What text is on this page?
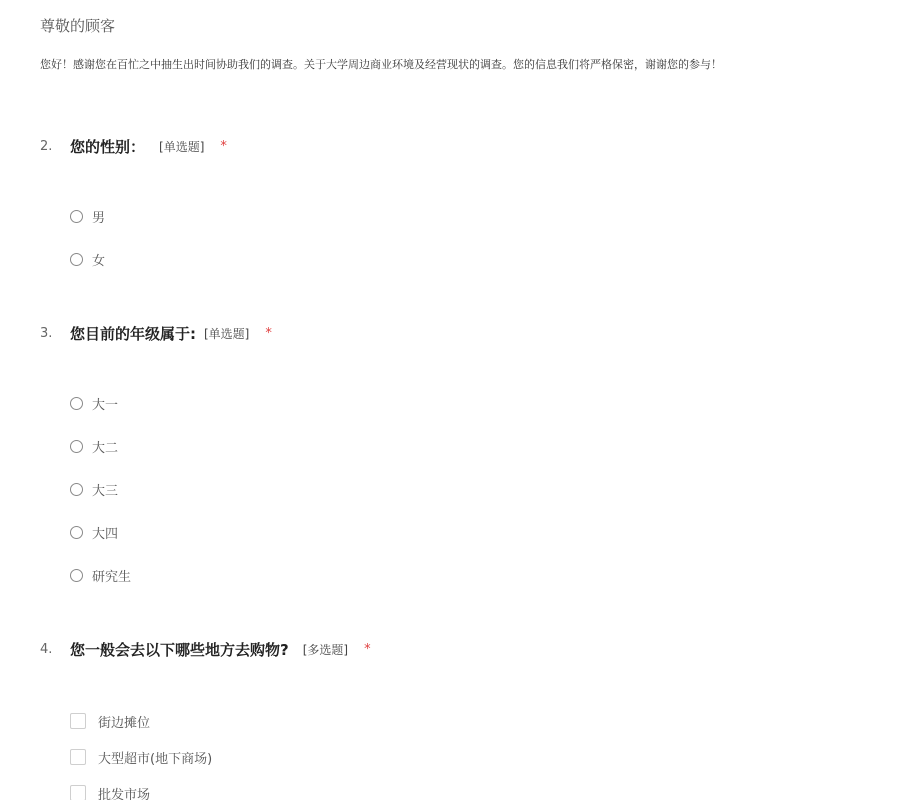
尊敬的顾客
您好！感谢您在百忙之中抽生出时间协助我们的调查。关于大学周边商业环境及经营现状的调查。您的信息我们将严格保密，谢谢您的参与！
2.	您的性别： [单选题] *
男
女
3.	您目前的年级属于: [单选题] *
大一
大二
大三
大四
研究生
4.	您一般会去以下哪些地方去购物? [多选题] *
街边摊位
大型超市(地下商场)
批发市场
